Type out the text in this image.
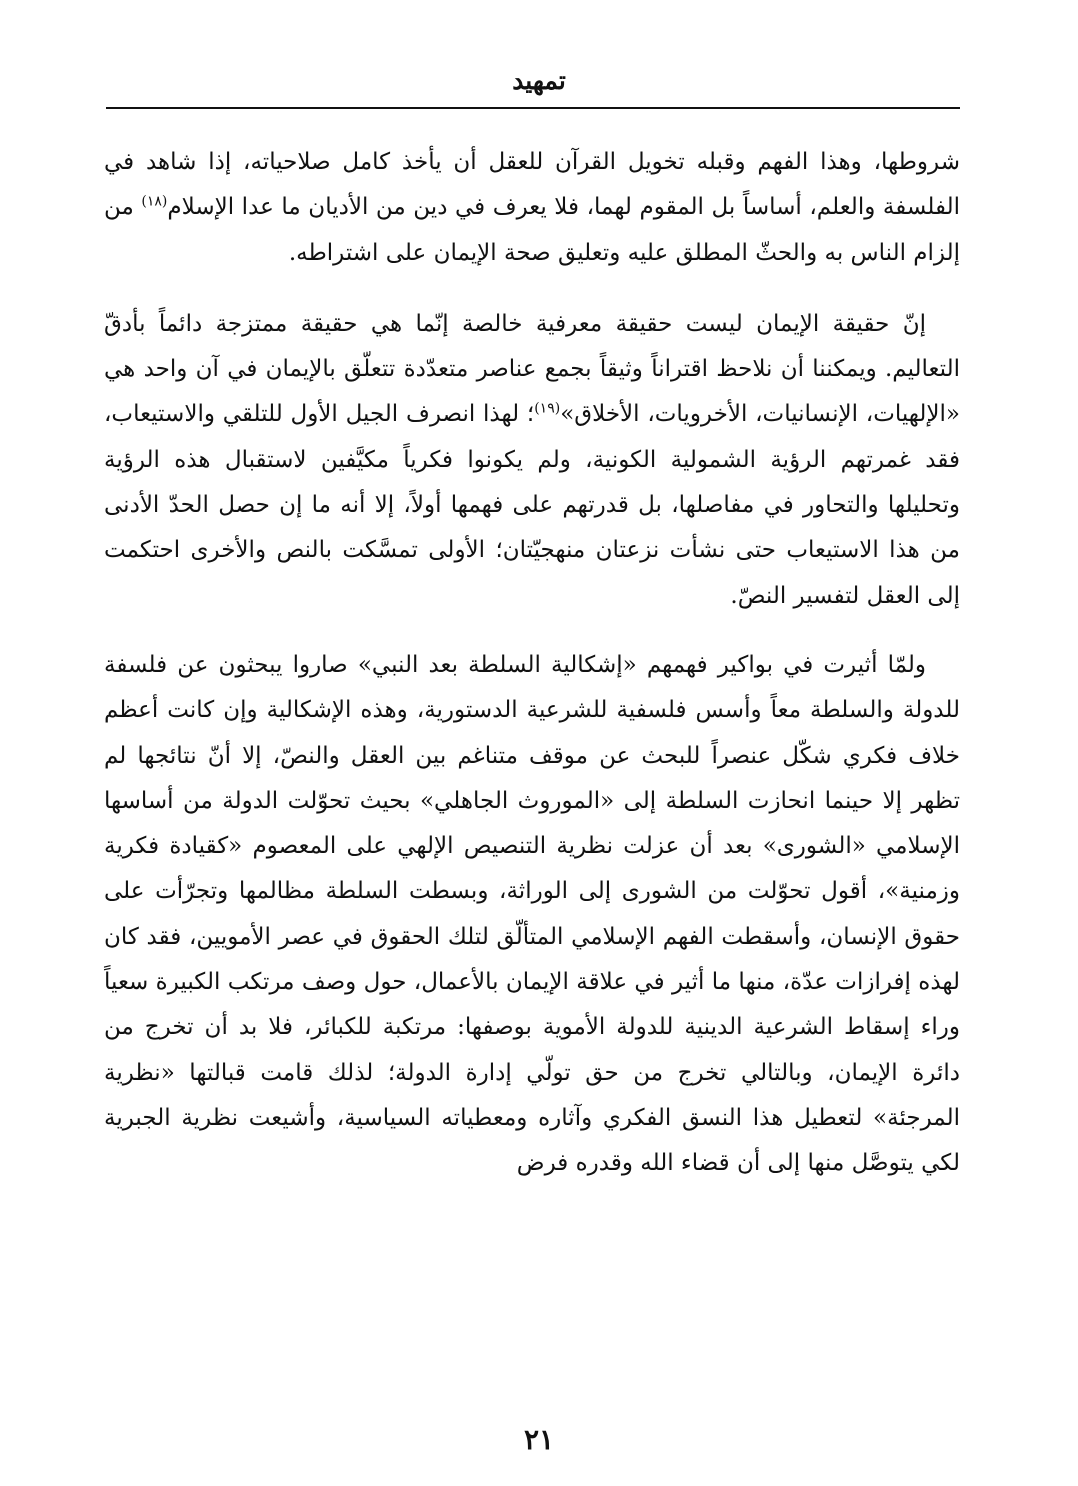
تمهيد

شروطها، وهذا الفهم وقبله تخويل القرآن للعقل أن يأخذ كامل صلاحياته، إذا شاهد في الفلسفة والعلم، أساساً بل المقوم لهما، فلا يعرف في دين من الأديان ما عدا الإسلام$^{(١٨)}$ من إلزام الناس به والحثّ المطلق عليه وتعليق صحة الإيمان على اشتراطه.

إنّ حقيقة الإيمان ليست حقيقة معرفية خالصة إنّما هي حقيقة ممتزجة دائماً بأدقّ التعاليم. ويمكننا أن نلاحظ اقتراناً وثيقاً بجمع عناصر متعدّدة تتعلّق بالإيمان في آن واحد هي «الإلهيات، الإنسانيات، الأخرويات، الأخلاق»$^{(١٩)}$؛ لهذا انصرف الجيل الأول للتلقي والاستيعاب، فقد غمرتهم الرؤية الشمولية الكونية، ولم يكونوا فكرياً مكيَّفين لاستقبال هذه الرؤية وتحليلها والتحاور في مفاصلها، بل قدرتهم على فهمها أولاً، إلا أنه ما إن حصل الحدّ الأدنى من هذا الاستيعاب حتى نشأت نزعتان منهجيّتان؛ الأولى تمسَّكت بالنص والأخرى احتكمت إلى العقل لتفسير النصّ.

ولمّا أثيرت في بواكير فهمهم «إشكالية السلطة بعد النبي» صاروا يبحثون عن فلسفة للدولة والسلطة معاً وأسس فلسفية للشرعية الدستورية، وهذه الإشكالية وإن كانت أعظم خلاف فكري شكّل عنصراً للبحث عن موقف متناغم بين العقل والنصّ، إلا أنّ نتائجها لم تظهر إلا حينما انحازت السلطة إلى «الموروث الجاهلي» بحيث تحوّلت الدولة من أساسها الإسلامي «الشورى» بعد أن عزلت نظرية التنصيص الإلهي على المعصوم «كقيادة فكرية وزمنية»، أقول تحوّلت من الشورى إلى الوراثة، وبسطت السلطة مظالمها وتجرّأت على حقوق الإنسان، وأسقطت الفهم الإسلامي المتألّق لتلك الحقوق في عصر الأمويين، فقد كان لهذه إفرازات عدّة، منها ما أثير في علاقة الإيمان بالأعمال، حول وصف مرتكب الكبيرة سعياً وراء إسقاط الشرعية الدينية للدولة الأموية بوصفها: مرتكبة للكبائر، فلا بد أن تخرج من دائرة الإيمان، وبالتالي تخرج من حق تولّي إدارة الدولة؛ لذلك قامت قبالتها «نظرية المرجئة» لتعطيل هذا النسق الفكري وآثاره ومعطياته السياسية، وأشيعت نظرية الجبرية لكي يتوصَّل منها إلى أن قضاء الله وقدره فرض

٢١
